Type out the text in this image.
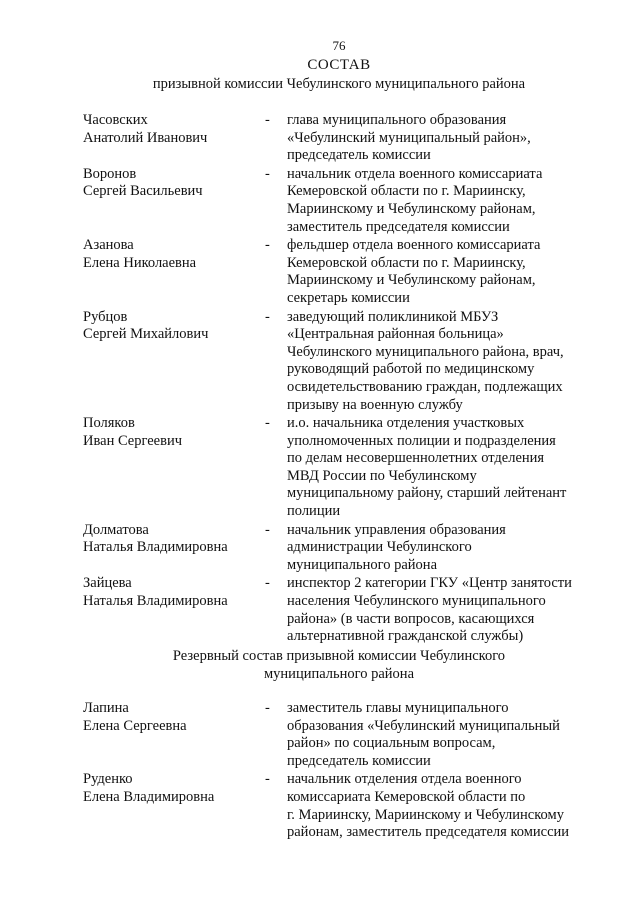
76
СОСТАВ
призывной комиссии Чебулинского муниципального района
Часовских
Анатолий Иванович
-	глава муниципального образования
«Чебулинский муниципальный район»,
председатель комиссии
Воронов
Сергей Васильевич
-	начальник отдела военного комиссариата
Кемеровской области по г. Мариинску,
Мариинскому и Чебулинскому районам,
заместитель председателя комиссии
Азанова
Елена Николаевна
-	фельдшер отдела военного комиссариата
Кемеровской области по г. Мариинску,
Мариинскому и Чебулинскому районам,
секретарь комиссии
Рубцов
Сергей Михайлович
-	заведующий поликлиникой МБУЗ
«Центральная районная больница»
Чебулинского муниципального района, врач,
руководящий работой по медицинскому
освидетельствованию граждан, подлежащих
призыву на военную службу
Поляков
Иван Сергеевич
-	и.о. начальника отделения участковых
уполномоченных полиции и подразделения
по делам несовершеннолетних отделения
МВД России по Чебулинскому
муниципальному району, старший лейтенант
полиции
Долматова
Наталья Владимировна
-	начальник управления образования
администрации Чебулинского
муниципального района
Зайцева
Наталья Владимировна
-	инспектор 2 категории ГКУ «Центр занятости
населения Чебулинского муниципального
района» (в части вопросов, касающихся
альтернативной гражданской службы)
Резервный состав призывной комиссии Чебулинского
муниципального района
Лапина
Елена Сергеевна
-	заместитель главы муниципального
образования «Чебулинский муниципальный
район» по социальным вопросам,
председатель комиссии
Руденко
Елена Владимировна
-	начальник отделения отдела военного
комиссариата Кемеровской области по
г. Мариинску, Мариинскому и Чебулинскому
районам, заместитель председателя комиссии
